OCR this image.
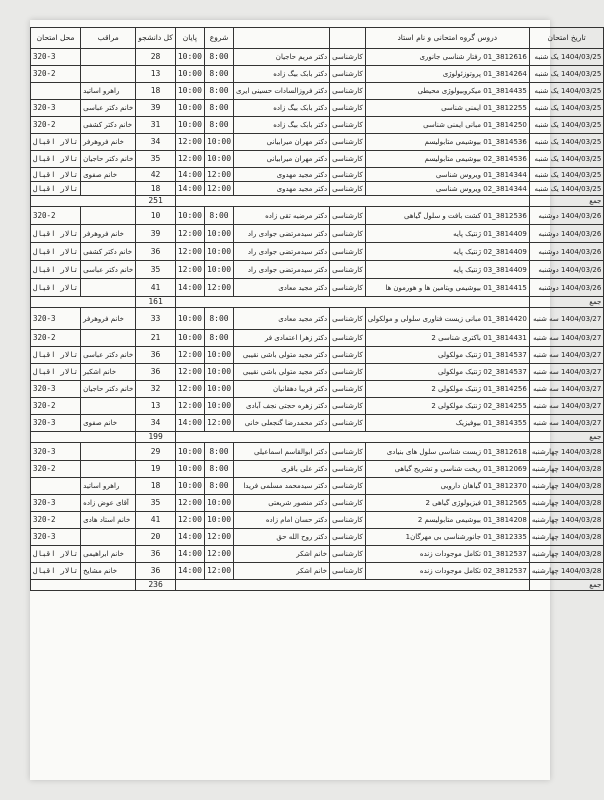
تاریخ امتحان	دروس گروه امتحانی و نام استاد			شروع	پایان	کل دانشجو	مراقب	محل امتحان
1404/03/25 یک شنبه	3812616_01 رفتار شناسی جانوری	کارشناسی	دکتر مریم حاجیان	8:00	10:00	28		320-3
1404/03/25 یک شنبه	3814264_01 پروتوزئولوژی	کارشناسی	دکتر بابک بیگ زاده	8:00	10:00	13		320-2
1404/03/25 یک شنبه	3814435_01 میکروبیولوژی محیطی	کارشناسی	دکتر فروزالسادات حسینی ایری	8:00	10:00	18	راهرو اساتید	
1404/03/25 یک شنبه	3812255_01 ایمنی شناسی	کارشناسی	دکتر بابک بیگ زاده	8:00	10:00	39	خانم دکتر عباسی	320-3
1404/03/25 یک شنبه	3814250_01 مبانی ایمنی شناسی	کارشناسی	دکتر بابک بیگ زاده	8:00	10:00	31	خانم دکتر کشفی	320-2
1404/03/25 یک شنبه	3814536_01 بیوشیمی متابولیسم	کارشناسی	دکتر مهران میرابیانی	10:00	12:00	34	خانم فروهرفر	تالار اقبال
1404/03/25 یک شنبه	3814536_02 بیوشیمی متابولیسم	کارشناسی	دکتر مهران میرابیانی	10:00	12:00	35	خانم دکتر حاجیان	تالار اقبال
1404/03/25 یک شنبه	3814344_01 ویروس شناسی	کارشناسی	دکتر مجید مهدوی	12:00	14:00	42	خانم صفوی	تالار اقبال
1404/03/25 یک شنبه	3814344_02 ویروس شناسی	کارشناسی	دکتر مجید مهدوی	12:00	14:00	18		تالار اقبال
جمع						251		
1404/03/26 دوشنبه	3812536_01 کشت بافت و سلول گیاهی	کارشناسی	دکتر مرضیه تقی زاده	8:00	10:00	10		320-2
1404/03/26 دوشنبه	3814409_01 ژنتیک پایه	کارشناسی	دکتر سیدمرتضی جوادی راد	10:00	12:00	39	خانم فروهرفر	تالار اقبال
1404/03/26 دوشنبه	3814409_02 ژنتیک پایه	کارشناسی	دکتر سیدمرتضی جوادی راد	10:00	12:00	36	خانم دکتر کشفی	تالار اقبال
1404/03/26 دوشنبه	3814409_03 ژنتیک پایه	کارشناسی	دکتر سیدمرتضی جوادی راد	10:00	12:00	35	خانم دکتر عباسی	تالار اقبال
1404/03/26 دوشنبه	3814415_01 بیوشیمی ویتامین ها و هورمون ها	کارشناسی	دکتر مجید معادی	12:00	14:00	41		تالار اقبال
جمع						161		
1404/03/27 سه شنبه	3814420_01 مبانی زیست فناوری سلولی و مولکولی	کارشناسی	دکتر مجید معادی	8:00	10:00	33	خانم فروهرفر	320-3
1404/03/27 سه شنبه	3814431_01 باکتری شناسی 2	کارشناسی	دکتر زهرا اعتمادی فر	8:00	10:00	21		320-2
1404/03/27 سه شنبه	3814537_01 ژنتیک مولکولی	کارشناسی	دکتر مجید متولی باشی نقیبی	10:00	12:00	36	خانم دکتر عباسی	تالار اقبال
1404/03/27 سه شنبه	3814537_02 ژنتیک مولکولی	کارشناسی	دکتر مجید متولی باشی نقیبی	10:00	12:00	36	خانم اشکبر	تالار اقبال
1404/03/27 سه شنبه	3814256_01 ژنتیک مولکولی 2	کارشناسی	دکتر فریبا دهقانیان	10:00	12:00	32	خانم دکتر حاجیان	320-3
1404/03/27 سه شنبه	3814255_02 ژنتیک مولکولی 2	کارشناسی	دکتر زهره حجتی نجف آبادی	10:00	12:00	13		320-2
1404/03/27 سه شنبه	3814355_01 بیوفیزیک	کارشناسی	دکتر محمدرضا گنجعلی خانی	12:00	14:00	34	خانم صفوی	320-3
جمع						199		
1404/03/28 چهارشنبه	3812618_01 زیست شناسی سلول های بنیادی	کارشناسی	دکتر ابوالقاسم اسماعیلی	8:00	10:00	29		320-3
1404/03/28 چهارشنبه	3812069_01 ریخت شناسی و تشریح گیاهی	کارشناسی	دکتر علی باقری	8:00	10:00	19		320-2
1404/03/28 چهارشنبه	3812370_01 گیاهان دارویی	کارشناسی	دکتر سیدمحمد مسلمی فریدا	8:00	10:00	18	راهرو اساتید	
1404/03/28 چهارشنبه	3812565_01 فیزیولوژی گیاهی 2	کارشناسی	دکتر منصور شریعتی	10:00	12:00	35	آقای عوض زاده	320-3
1404/03/28 چهارشنبه	3814208_01 بیوشیمی متابولیسم 2	کارشناسی	دکتر حسان امام زاده	10:00	12:00	41	خانم استاد هادی	320-2
1404/03/28 چهارشنبه	3812335_01 جانورشناسی بی مهرگان1	کارشناسی	دکتر روح الله حق	12:00	14:00	20		320-3
1404/03/28 چهارشنبه	3812537_01 تکامل موجودات زنده	کارشناسی	خانم اشکر	12:00	14:00	36	خانم ابراهیمی	تالار اقبال
1404/03/28 چهارشنبه	3812537_02 تکامل موجودات زنده	کارشناسی	خانم اشکر	12:00	14:00	36	خانم مشایخ	تالار اقبال
جمع						236		
